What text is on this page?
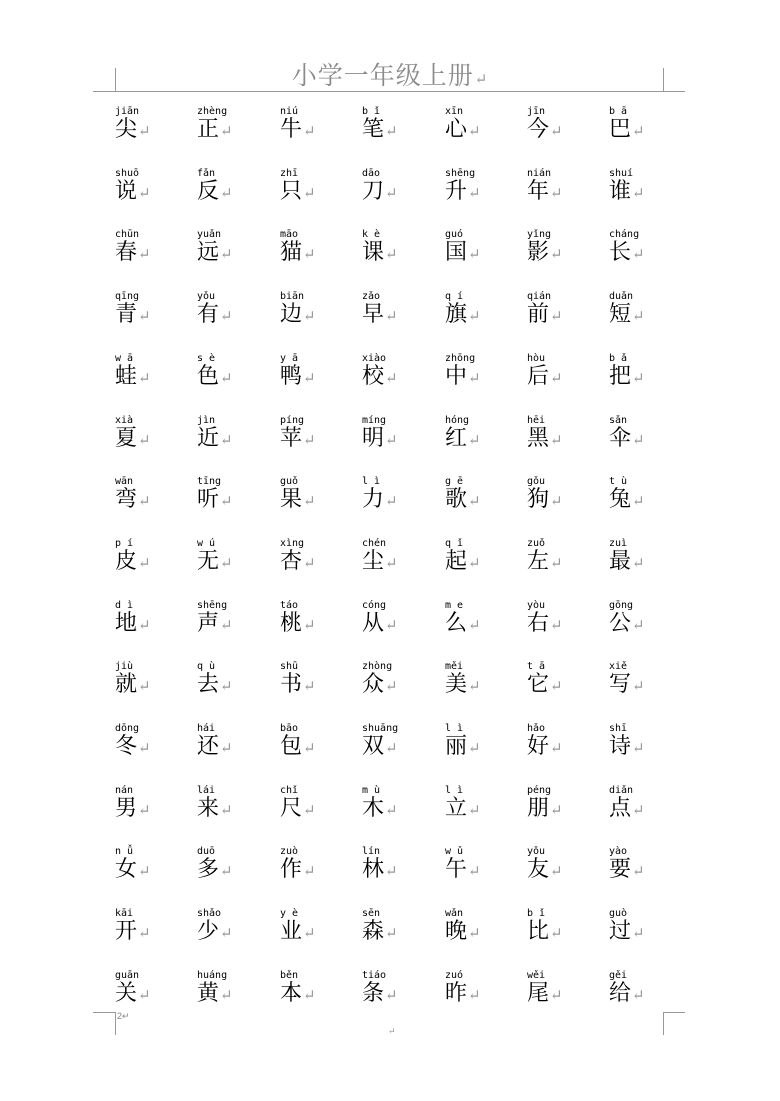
小学一年级上册↵
jiān
尖↵
zhèng
正↵
niú
牛↵
b ǐ
笔↵
xīn
心↵
jīn
今↵
b ā
巴↵
shuō
说↵
fǎn
反↵
zhī
只↵
dāo
刀↵
shēng
升↵
nián
年↵
shuí
谁↵
chūn
春↵
yuǎn
远↵
māo
猫↵
k è
课↵
guó
国↵
yǐng
影↵
cháng
长↵
qīng
青↵
yǒu
有↵
biān
边↵
zǎo
早↵
q í
旗↵
qián
前↵
duǎn
短↵
w ā
蛙↵
s è
色↵
y ā
鸭↵
xiào
校↵
zhōng
中↵
hòu
后↵
b ǎ
把↵
xià
夏↵
jìn
近↵
píng
苹↵
míng
明↵
hóng
红↵
hēi
黑↵
sǎn
伞↵
wān
弯↵
tīng
听↵
guǒ
果↵
l ì
力↵
g ē
歌↵
gǒu
狗↵
t ù
兔↵
p í
皮↵
w ú
无↵
xìng
杏↵
chén
尘↵
q ǐ
起↵
zuǒ
左↵
zuì
最↵
d ì
地↵
shēng
声↵
táo
桃↵
cóng
从↵
m e
么↵
yòu
右↵
gōng
公↵
jiù
就↵
q ù
去↵
shū
书↵
zhòng
众↵
měi
美↵
t ā
它↵
xiě
写↵
dōng
冬↵
hái
还↵
bāo
包↵
shuāng
双↵
l ì
丽↵
hǎo
好↵
shī
诗↵
nán
男↵
lái
来↵
chǐ
尺↵
m ù
木↵
l ì
立↵
péng
朋↵
diǎn
点↵
n ǚ
女↵
duō
多↵
zuò
作↵
lín
林↵
w ǔ
午↵
yǒu
友↵
yào
要↵
kāi
开↵
shǎo
少↵
y è
业↵
sēn
森↵
wǎn
晚↵
b ǐ
比↵
guò
过↵
guān
关↵
huáng
黄↵
běn
本↵
tiáo
条↵
zuó
昨↵
wěi
尾↵
gěi
给↵
2↵
↵
